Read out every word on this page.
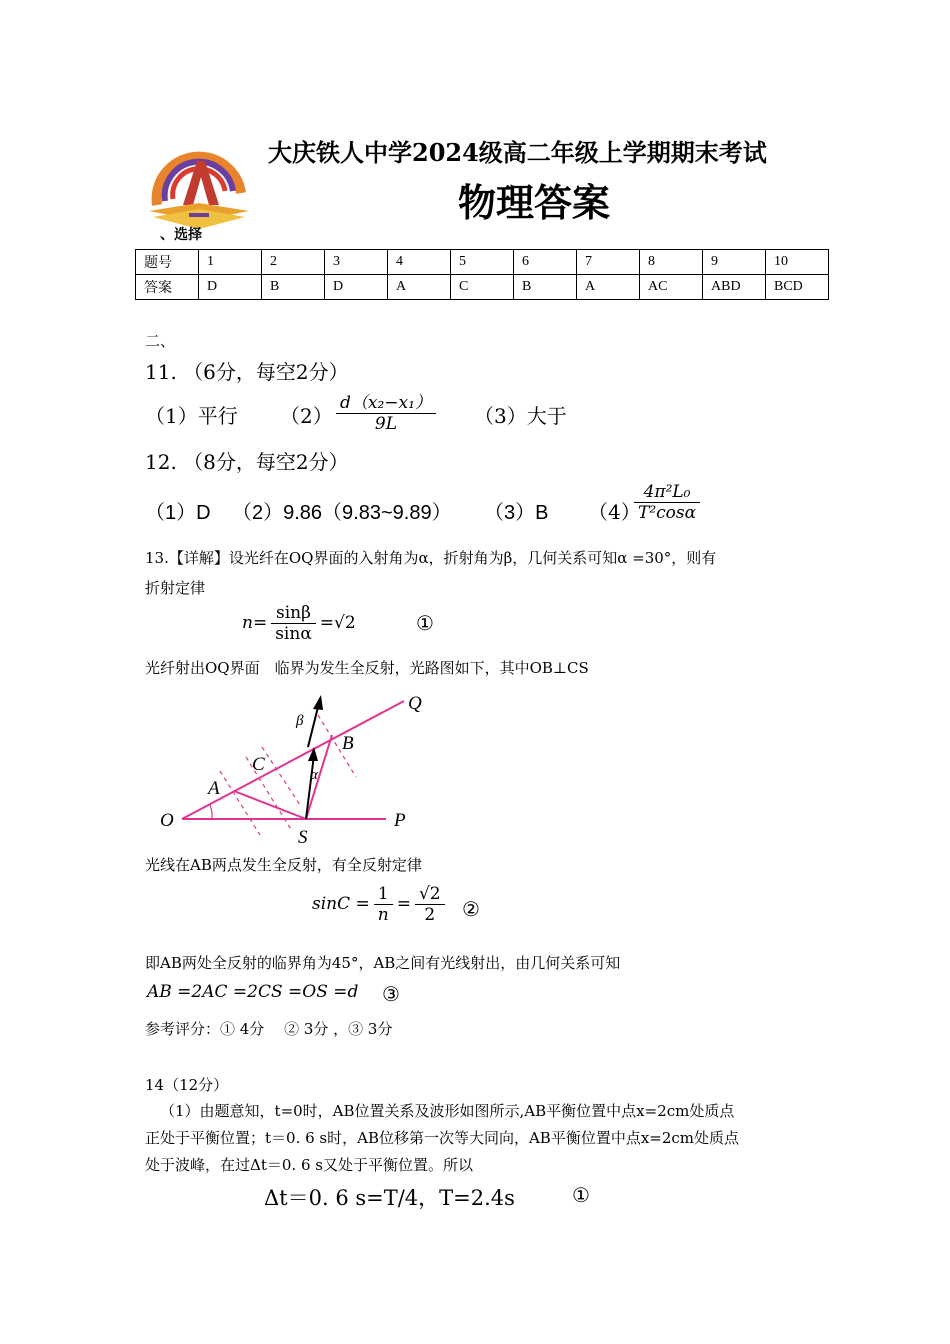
、选择
大庆铁人中学2024级高二年级上学期期末考试
物理答案
题号	1	2	3	4	5	6	7	8	9	10
答案	D	B	D	A	C	B	A	AC	ABD	BCD
二、
11. （6分，每空2分）
（1）平行 $(2) \frac{\text{d（x₂−x₁）}}{9L} (3)$大于
12. （8分，每空2分）
（1）D （2）9.86（9.83~9.89） （3）B （4）
$\frac{\text{4π²L₀}}{\text{T²cosα}}$
13.【详解】设光纤在OQ界面的入射角为α，折射角为β，几何关系可知α =30°，则有
折射定律
$n= \frac{\sin\beta}{\sin\alpha} =√2$	①
光纤射出OQ界面　临界为发生全反射，光路图如下，其中OB⊥CS
O	P
Q
A
B
C
S
α
β
光线在AB两点发生全反射，有全反射定律
$\sin C = \frac{1}{n} = \frac{√2}{2}$ ②
即AB两处全反射的临界角为45°，AB之间有光线射出，由几何关系可知
AB =2AC =2CS =OS =d ③
参考评分：① 4分　 ② 3分 ，③ 3分
14（12分）
（1）由题意知，t=0时，AB位置关系及波形如图所示,AB平衡位置中点x=2cm处质点
正处于平衡位置；t＝0. 6 s时，AB位移第一次等大同向，AB平衡位置中点x=2cm处质点
处于波峰，在过Δt＝0. 6 s又处于平衡位置。所以
Δt＝0. 6 s=T/4，T=2.4s	①
